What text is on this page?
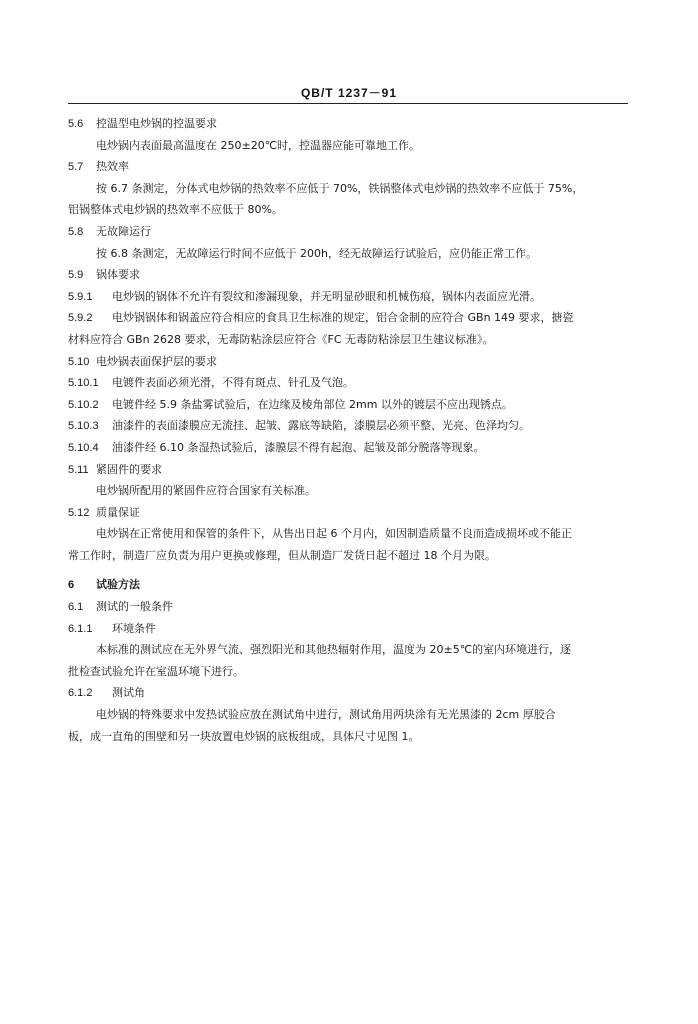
QB/T 1237－91
5.6 控温型电炒锅的控温要求
电炒锅内表面最高温度在 250±20℃时，控温器应能可靠地工作。
5.7 热效率
按 6.7 条测定，分体式电炒锅的热效率不应低于 70%，铁锅整体式电炒锅的热效率不应低于 75%，
铝锅整体式电炒锅的热效率不应低于 80%。
5.8 无故障运行
按 6.8 条测定，无故障运行时间不应低于 200h，经无故障运行试验后，应仍能正常工作。
5.9 锅体要求
5.9.1 电炒锅的锅体不允许有裂纹和渗漏现象，并无明显砂眼和机械伤痕，锅体内表面应光滑。
5.9.2 电炒锅锅体和锅盖应符合相应的食具卫生标准的规定，铝合金制的应符合 GBn 149 要求，搪瓷
材料应符合 GBn 2628 要求，无毒防粘涂层应符合《FC 无毒防粘涂层卫生建议标准》。
5.10 电炒锅表面保护层的要求
5.10.1 电镀件表面必须光滑，不得有斑点、针孔及气泡。
5.10.2 电镀件经 5.9 条盐雾试验后，在边缘及棱角部位 2mm 以外的镀层不应出现锈点。
5.10.3 油漆件的表面漆膜应无流挂、起皱、露底等缺陷，漆膜层必须平整、光亮、色泽均匀。
5.10.4 油漆件经 6.10 条湿热试验后，漆膜层不得有起泡、起皱及部分脱落等现象。
5.11 紧固件的要求
电炒锅所配用的紧固件应符合国家有关标准。
5.12 质量保证
电炒锅在正常使用和保管的条件下，从售出日起 6 个月内，如因制造质量不良而造成损坏或不能正
常工作时，制造厂应负责为用户更换或修理，但从制造厂发货日起不超过 18 个月为限。
6 试验方法
6.1 测试的一般条件
6.1.1 环境条件
本标准的测试应在无外界气流、强烈阳光和其他热辐射作用，温度为 20±5℃的室内环境进行，逐
批检查试验允许在室温环境下进行。
6.1.2 测试角
电炒锅的特殊要求中发热试验应放在测试角中进行，测试角用两块涂有无光黑漆的 2cm 厚胶合
板，成一直角的围壁和另一块放置电炒锅的底板组成，具体尺寸见图 1。
